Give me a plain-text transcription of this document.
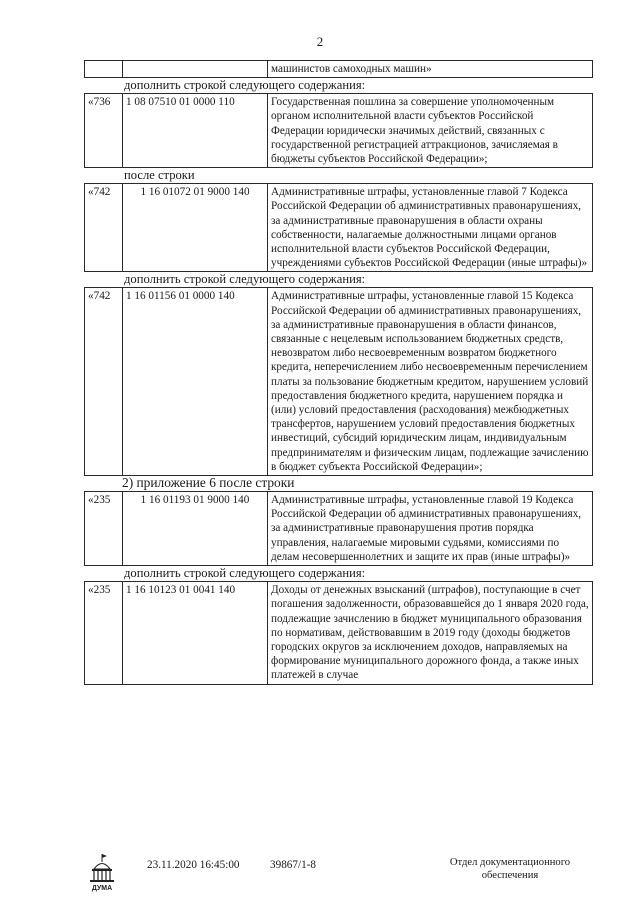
2
		машинистов самоходных машин»
дополнить строкой следующего содержания:
«736	1 08 07510 01 0000 110	Государственная пошлина за совершение уполномоченным органом исполнительной власти субъектов Российской Федерации юридически значимых действий, связанных с государственной регистрацией аттракционов, зачисляемая в бюджеты субъектов Российской Федерации»;
после строки
«742	1 16 01072 01 9000 140	Административные штрафы, установленные главой 7 Кодекса Российской Федерации об административных правонарушениях, за административные правонарушения в области охраны собственности, налагаемые должностными лицами органов исполнительной власти субъектов Российской Федерации, учреждениями субъектов Российской Федерации (иные штрафы)»
дополнить строкой следующего содержания:
«742	1 16 01156 01 0000 140	Административные штрафы, установленные главой 15 Кодекса Российской Федерации об административных правонарушениях, за административные правонарушения в области финансов, связанные с нецелевым использованием бюджетных средств, невозвратом либо несвоевременным возвратом бюджетного кредита, неперечислением либо несвоевременным перечислением платы за пользование бюджетным кредитом, нарушением условий предоставления бюджетного кредита, нарушением порядка и (или) условий предоставления (расходования) межбюджетных трансфертов, нарушением условий предоставления бюджетных инвестиций, субсидий юридическим лицам, индивидуальным предпринимателям и физическим лицам, подлежащие зачислению в бюджет субъекта Российской Федерации»;
2) приложение 6 после строки
«235	1 16 01193 01 9000 140	Административные штрафы, установленные главой 19 Кодекса Российской Федерации об административных правонарушениях, за административные правонарушения против порядка управления, налагаемые мировыми судьями, комиссиями по делам несовершеннолетних и защите их прав (иные штрафы)»
дополнить строкой следующего содержания:
«235	1 16 10123 01 0041 140	Доходы от денежных взысканий (штрафов), поступающие в счет погашения задолженности, образовавшейся до 1 января 2020 года, подлежащие зачислению в бюджет муниципального образования по нормативам, действовавшим в 2019 году (доходы бюджетов городских округов за исключением доходов, направляемых на формирование муниципального дорожного фонда, а также иных платежей в случае
ДУМА
23.11.2020 16:45:00	39867/1-8	Отдел документационного
обеспечения
